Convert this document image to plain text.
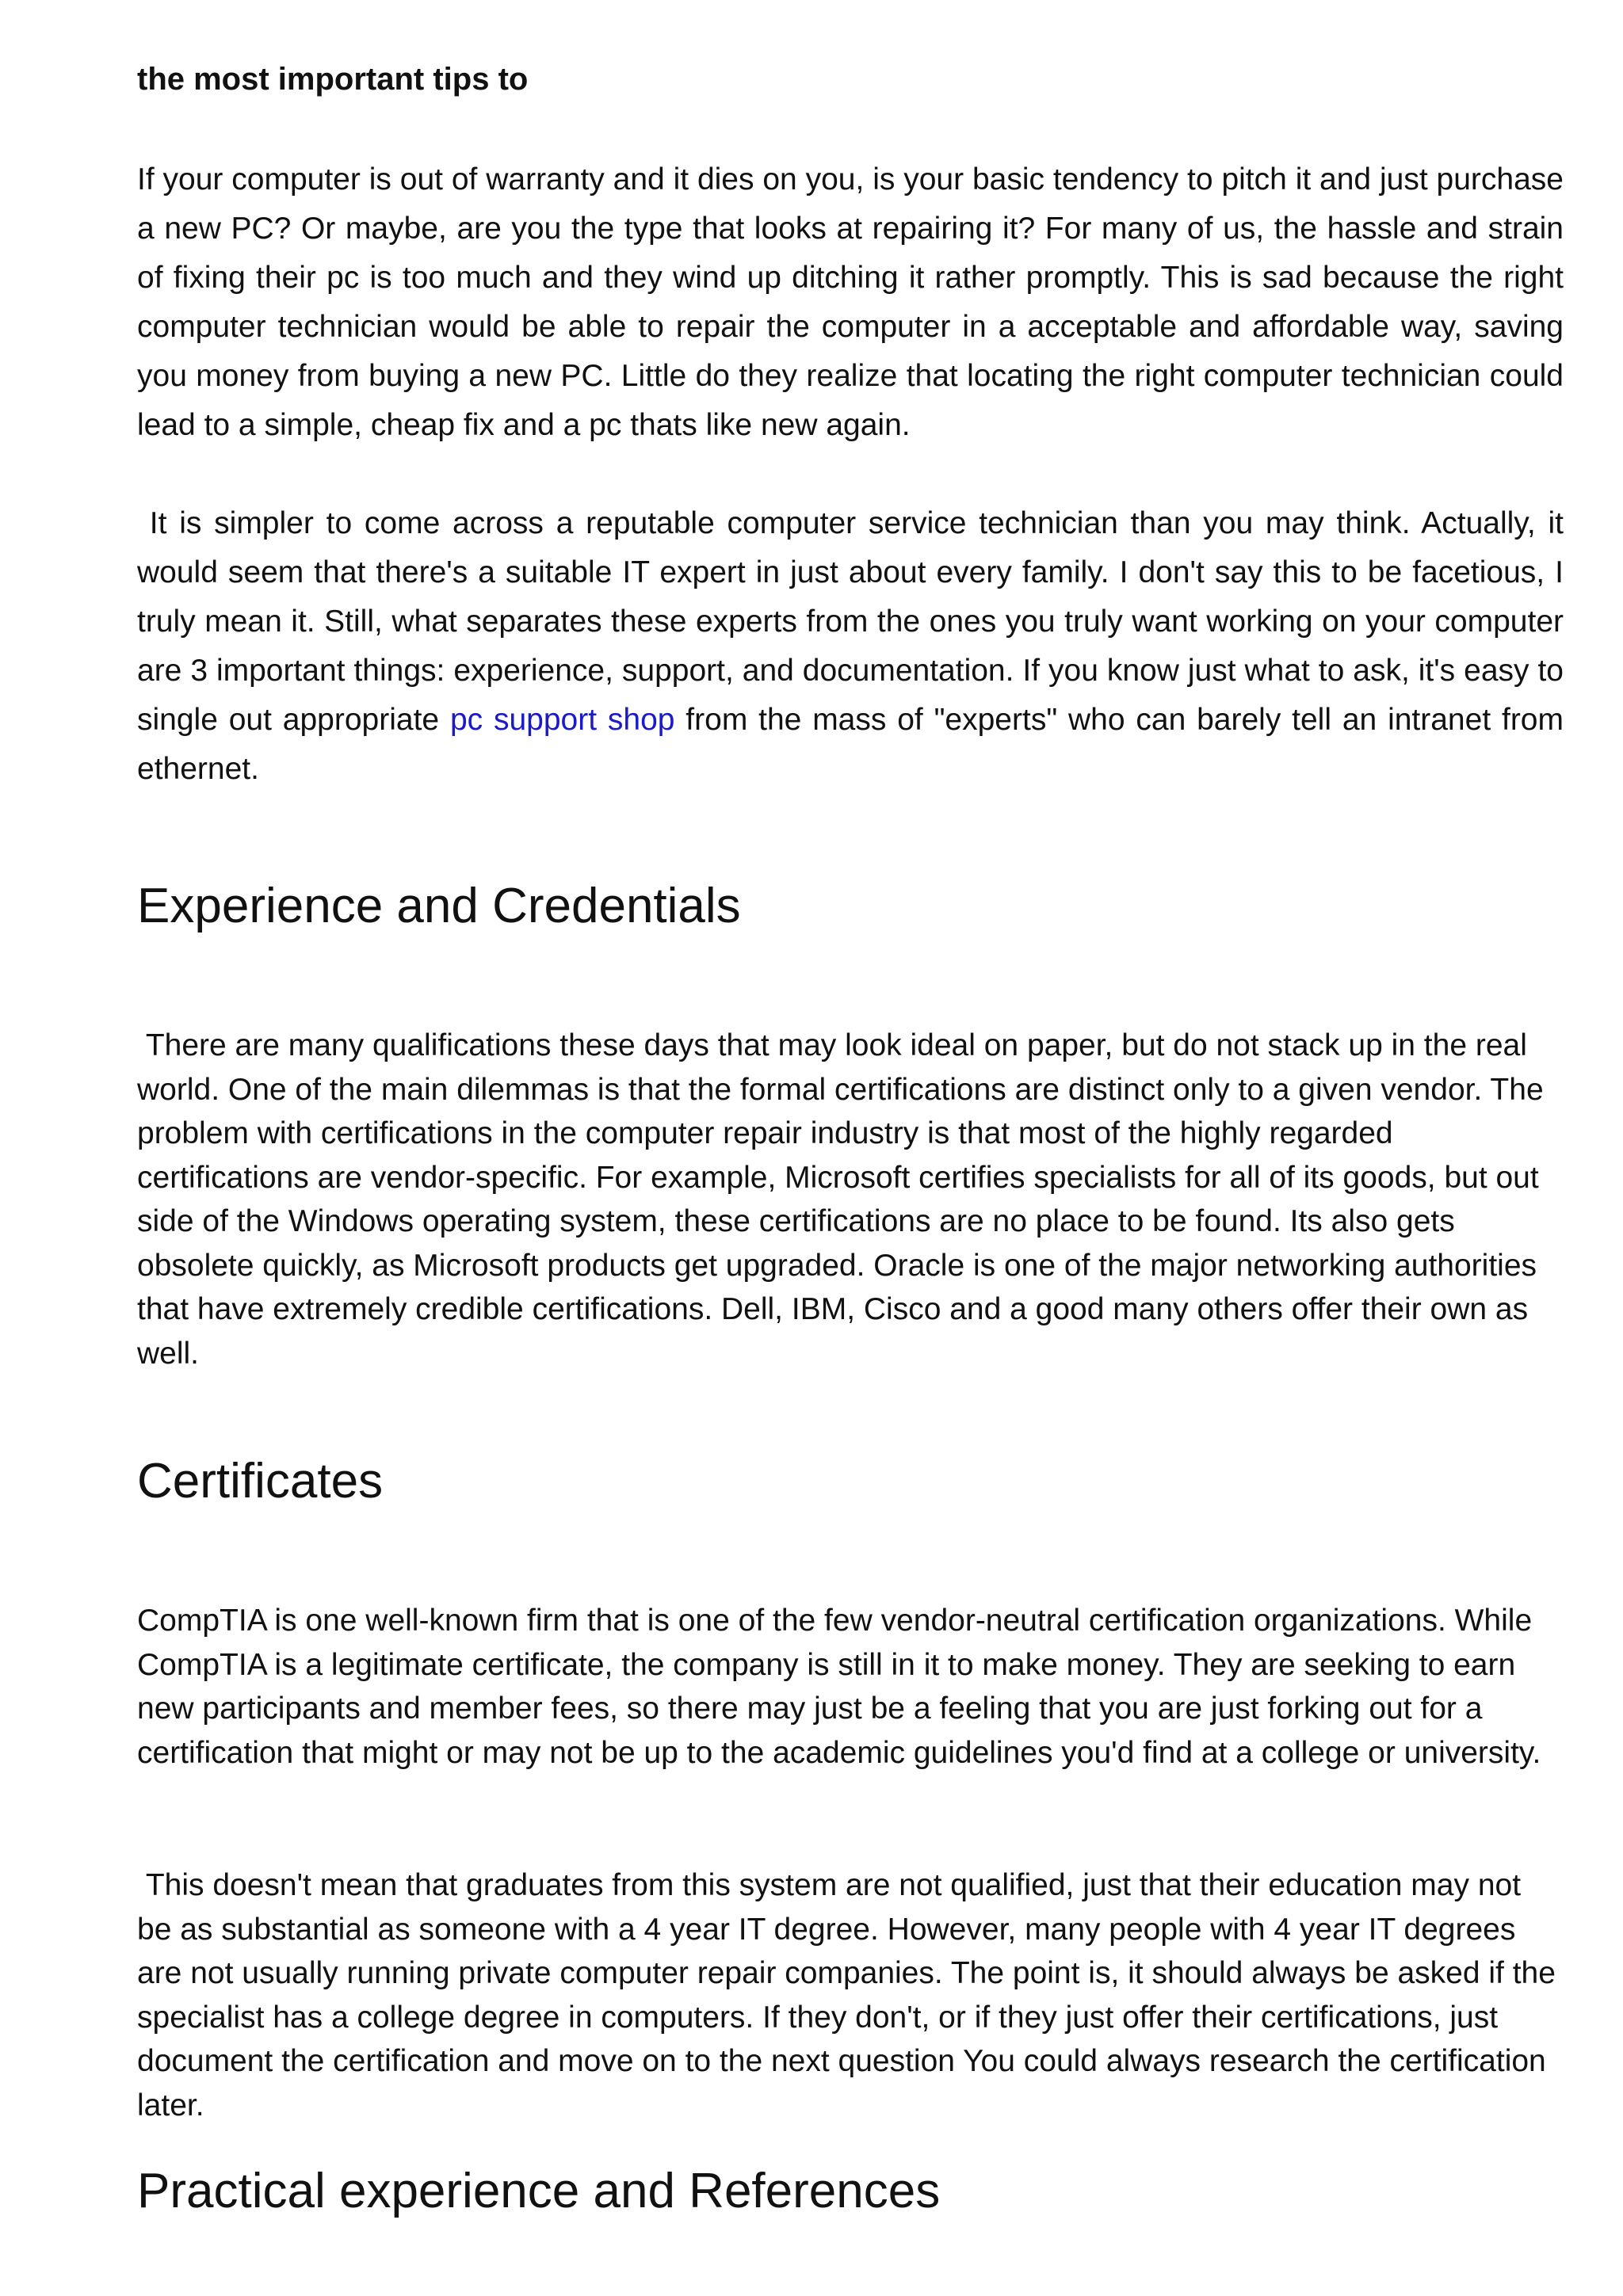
the most important tips to

If your computer is out of warranty and it dies on you, is your basic tendency to pitch it and just purchase a new PC? Or maybe, are you the type that looks at repairing it? For many of us, the hassle and strain of fixing their pc is too much and they wind up ditching it rather promptly. This is sad because the right computer technician would be able to repair the computer in a acceptable and affordable way, saving you money from buying a new PC. Little do they realize that locating the right computer technician could lead to a simple, cheap fix and a pc thats like new again.

It is simpler to come across a reputable computer service technician than you may think. Actually, it would seem that there's a suitable IT expert in just about every family. I don't say this to be facetious, I truly mean it. Still, what separates these experts from the ones you truly want working on your computer are 3 important things: experience, support, and documentation. If you know just what to ask, it's easy to single out appropriate pc support shop from the mass of "experts" who can barely tell an intranet from ethernet.

Experience and Credentials

There are many qualifications these days that may look ideal on paper, but do not stack up in the real world. One of the main dilemmas is that the formal certifications are distinct only to a given vendor. The problem with certifications in the computer repair industry is that most of the highly regarded certifications are vendor-specific. For example, Microsoft certifies specialists for all of its goods, but out side of the Windows operating system, these certifications are no place to be found. Its also gets obsolete quickly, as Microsoft products get upgraded. Oracle is one of the major networking authorities that have extremely credible certifications. Dell, IBM, Cisco and a good many others offer their own as well.

Certificates

CompTIA is one well-known firm that is one of the few vendor-neutral certification organizations. While CompTIA is a legitimate certificate, the company is still in it to make money. They are seeking to earn new participants and member fees, so there may just be a feeling that you are just forking out for a certification that might or may not be up to the academic guidelines you'd find at a college or university.

This doesn't mean that graduates from this system are not qualified, just that their education may not be as substantial as someone with a 4 year IT degree. However, many people with 4 year IT degrees are not usually running private computer repair companies. The point is, it should always be asked if the specialist has a college degree in computers. If they don't, or if they just offer their certifications, just document the certification and move on to the next question You could always research the certification later.

Practical experience and References
